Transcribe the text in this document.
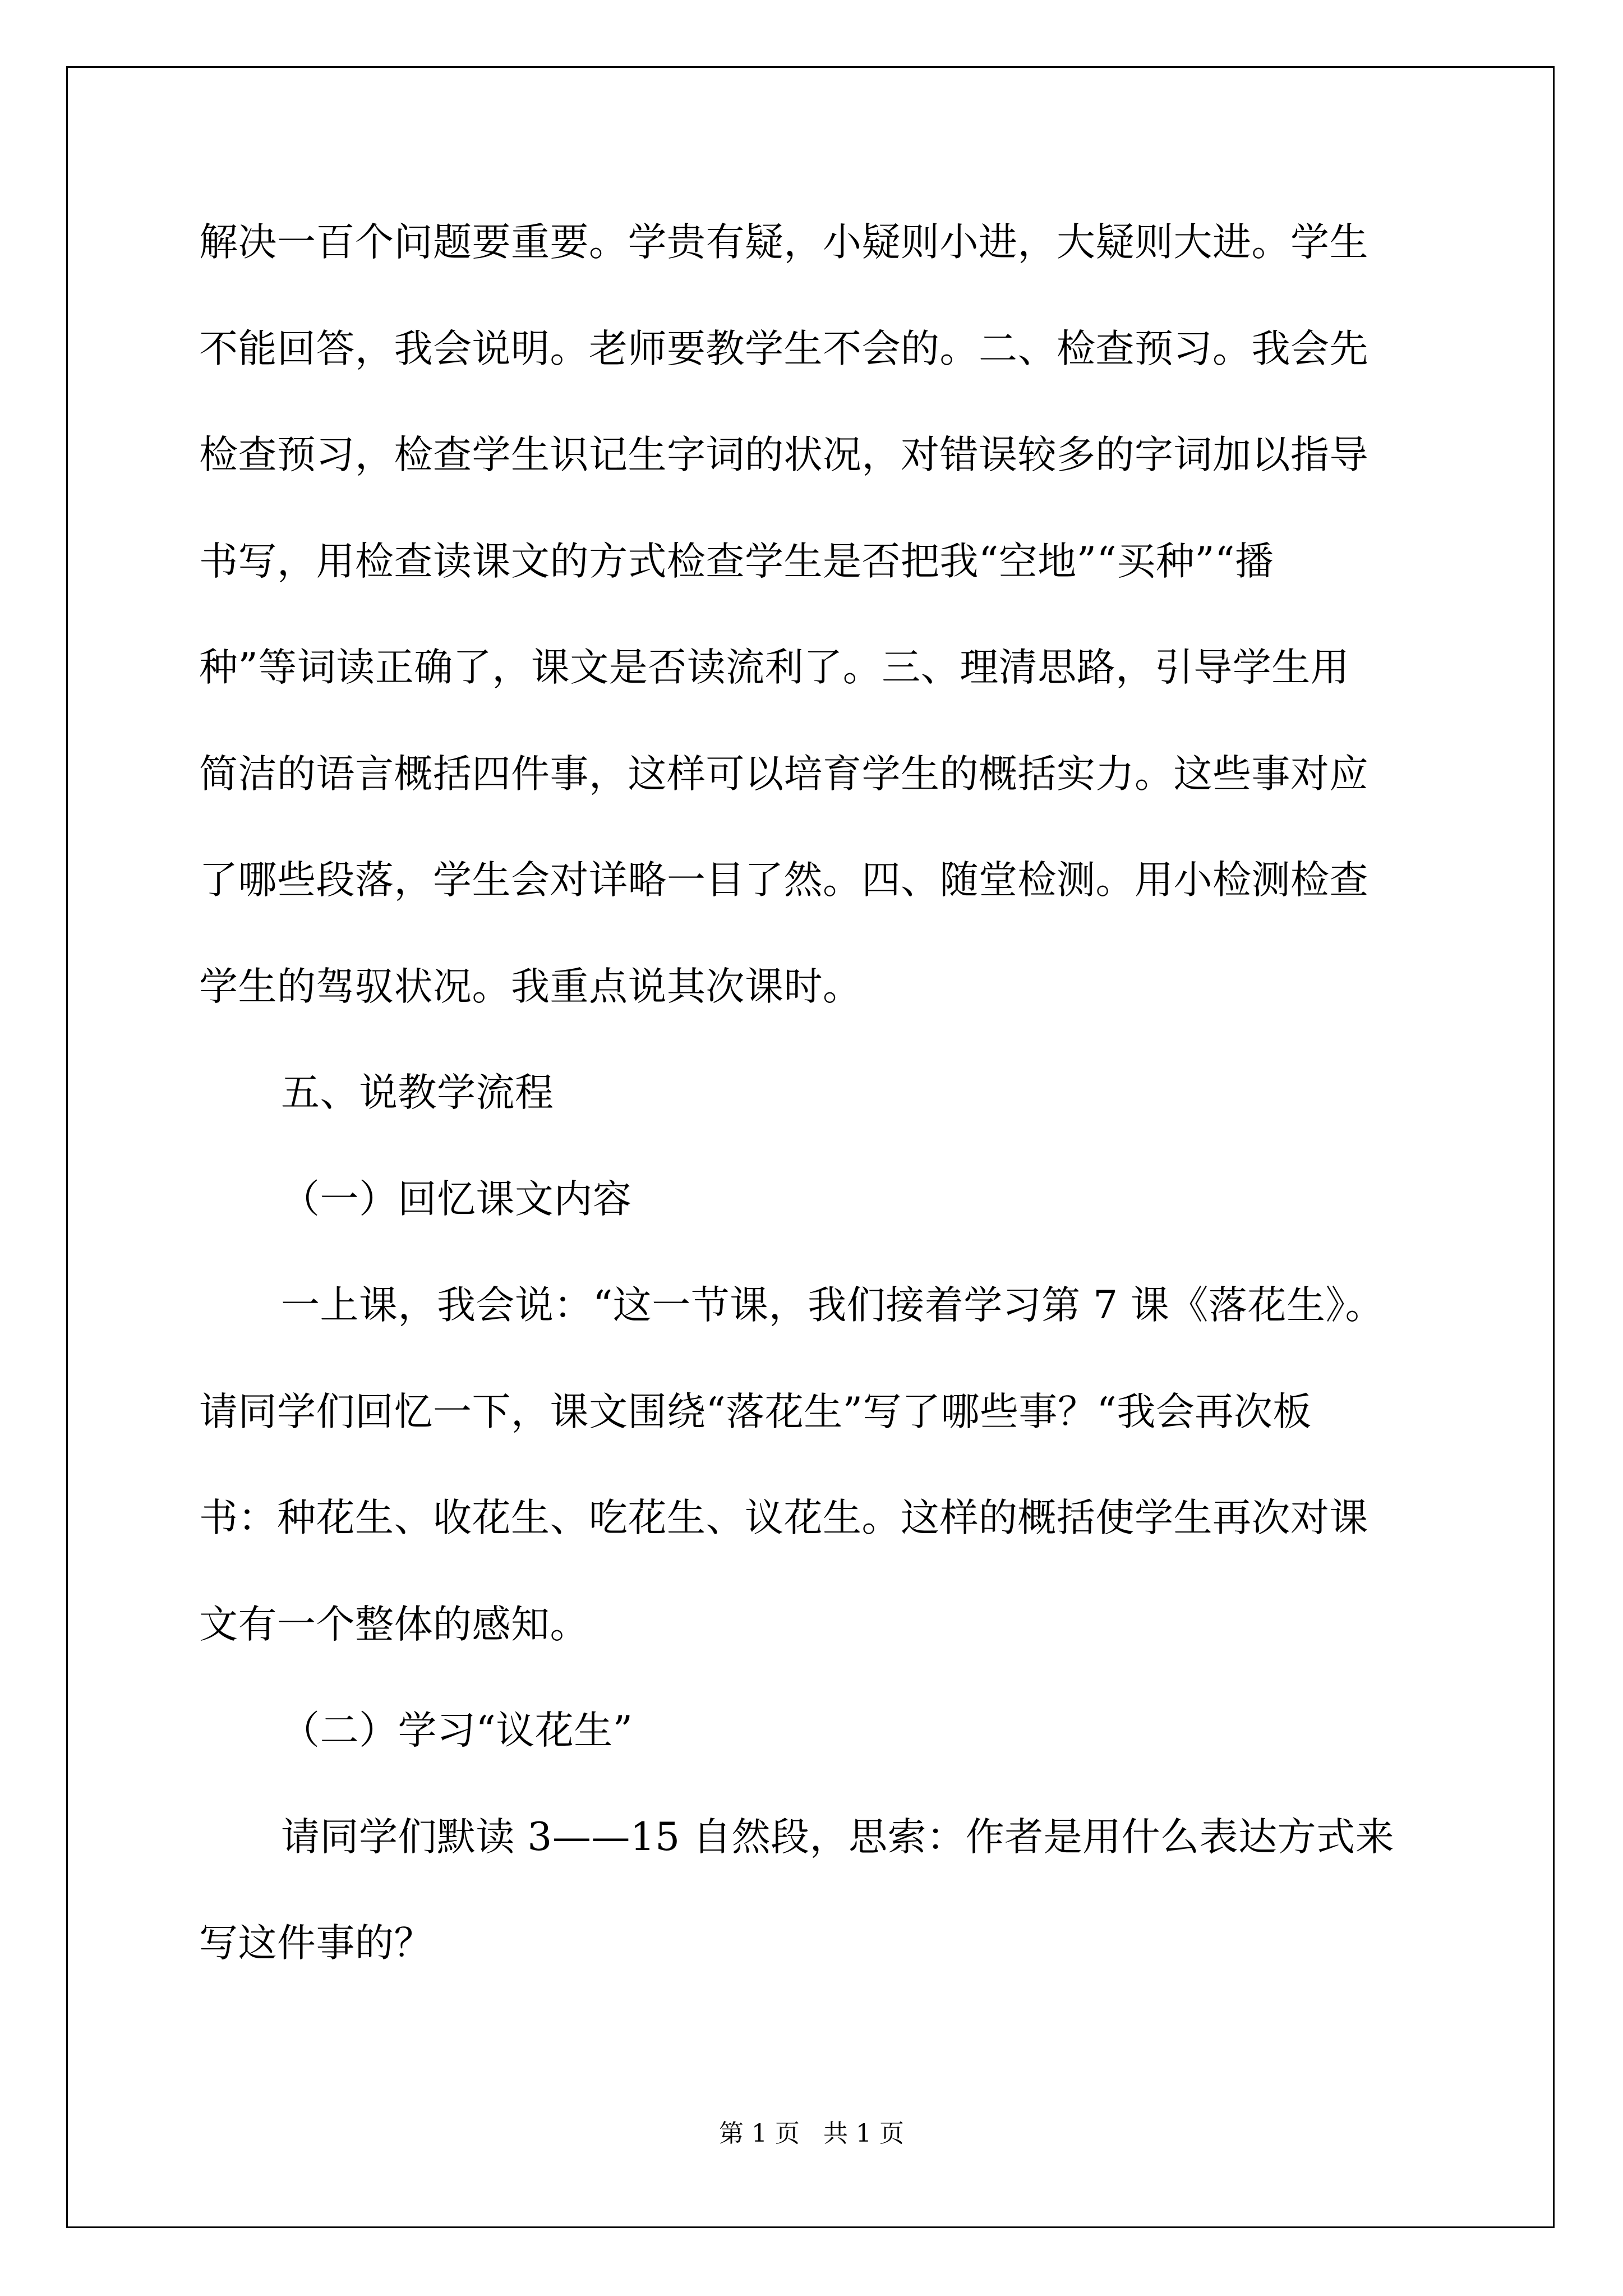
解决一百个问题要重要。学贵有疑，小疑则小进，大疑则大进。学生
不能回答，我会说明。老师要教学生不会的。二、检查预习。我会先
检查预习，检查学生识记生字词的状况，对错误较多的字词加以指导
书写，用检查读课文的方式检查学生是否把我“空地”“买种”“播
种”等词读正确了，课文是否读流利了。三、理清思路，引导学生用
简洁的语言概括四件事，这样可以培育学生的概括实力。这些事对应
了哪些段落，学生会对详略一目了然。四、随堂检测。用小检测检查
学生的驾驭状况。我重点说其次课时。
五、说教学流程
（一）回忆课文内容
一上课，我会说：“这一节课，我们接着学习第 7 课《落花生》。
请同学们回忆一下，课文围绕“落花生”写了哪些事？“我会再次板
书：种花生、收花生、吃花生、议花生。这样的概括使学生再次对课
文有一个整体的感知。
（二）学习“议花生”
请同学们默读 3——15 自然段，思索：作者是用什么表达方式来
写这件事的？
第 1 页   共 1 页
